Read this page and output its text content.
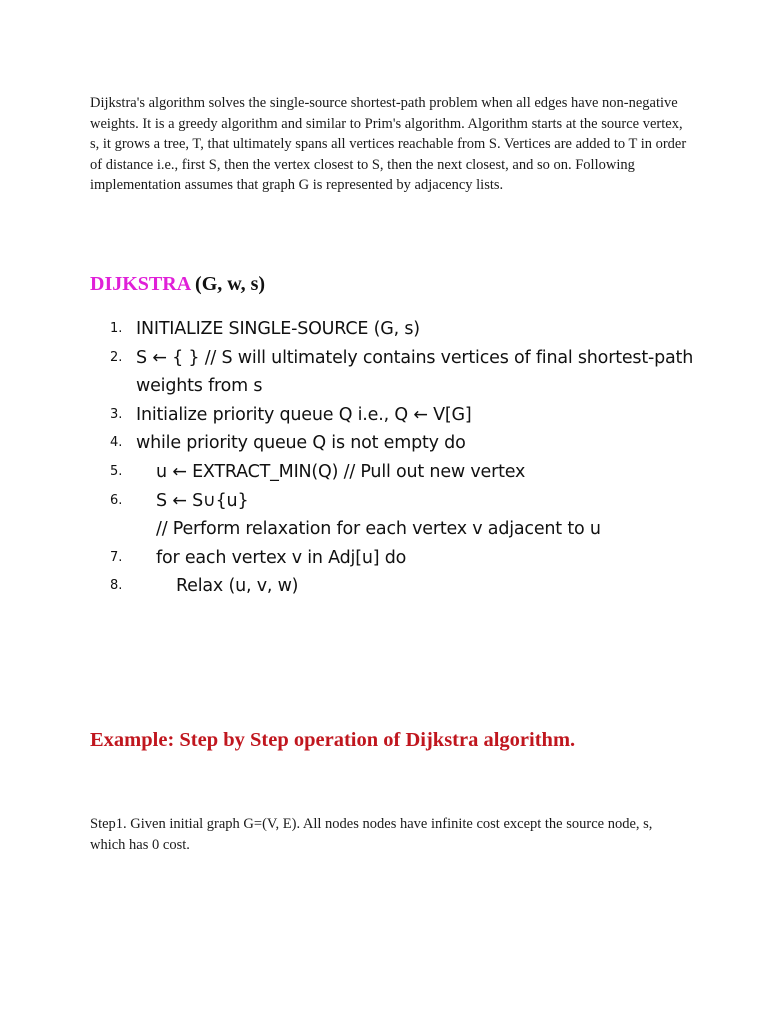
Dijkstra's algorithm solves the single-source shortest-path problem when all edges have non-negative weights. It is a greedy algorithm and similar to Prim's algorithm. Algorithm starts at the source vertex, s, it grows a tree, T, that ultimately spans all vertices reachable from S. Vertices are added to T in order of distance i.e., first S, then the vertex closest to S, then the next closest, and so on. Following implementation assumes that graph G is represented by adjacency lists.

DIJKSTRA (G, w, s)
1. INITIALIZE SINGLE-SOURCE (G, s)
2. S ← { } // S will ultimately contains vertices of final shortest-path weights from s
3. Initialize priority queue Q i.e., Q ← V[G]
4. while priority queue Q is not empty do
5.	u ← EXTRACT_MIN(Q) // Pull out new vertex
6.	S ← S∪{u}
// Perform relaxation for each vertex v adjacent to u
7.	for each vertex v in Adj[u] do
8.	Relax (u, v, w)
Example: Step by Step operation of Dijkstra algorithm.

Step1. Given initial graph G=(V, E). All nodes nodes have infinite cost except the source node, s, which has 0 cost.
